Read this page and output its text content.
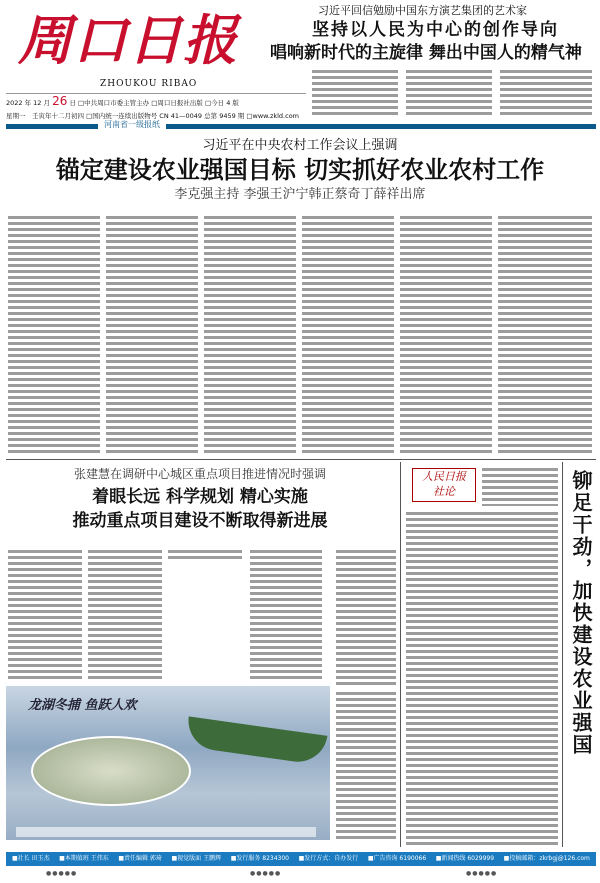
周口日报
ZHOUKOU RIBAO
2022 年 12 月 26 日 □中共周口市委主管主办 □周口日报社出版 □今日 4 版
星期一　壬寅年十二月初四 □国内统一连续出版物号 CN 41—0049 总第 9459 期 □www.zkld.com
习近平回信勉励中国东方演艺集团的艺术家
坚持以人民为中心的创作导向
唱响新时代的主旋律 舞出中国人的精气神
河南省一级报纸
习近平在中央农村工作会议上强调
锚定建设农业强国目标 切实抓好农业农村工作
李克强主持 李强王沪宁韩正蔡奇丁薛祥出席
张建慧在调研中心城区重点项目推进情况时强调
着眼长远 科学规划 精心实施
推动重点项目建设不断取得新进展
龙湖冬捕 鱼跃人欢
人民日报
社论	铆足干劲，加快建设农业强国
■社长 田玉杰 ■本期值班 王伟东 ■责任编辑 郭琦 ■视觉版面 王鹏辉 ■发行服务 8234300 ■发行方式：自办发行 ■广告咨询 6190066 ■新闻热线 6029999 ■投稿邮箱：zkrbgj@126.com
●●●●●	●●●●●	●●●●●
